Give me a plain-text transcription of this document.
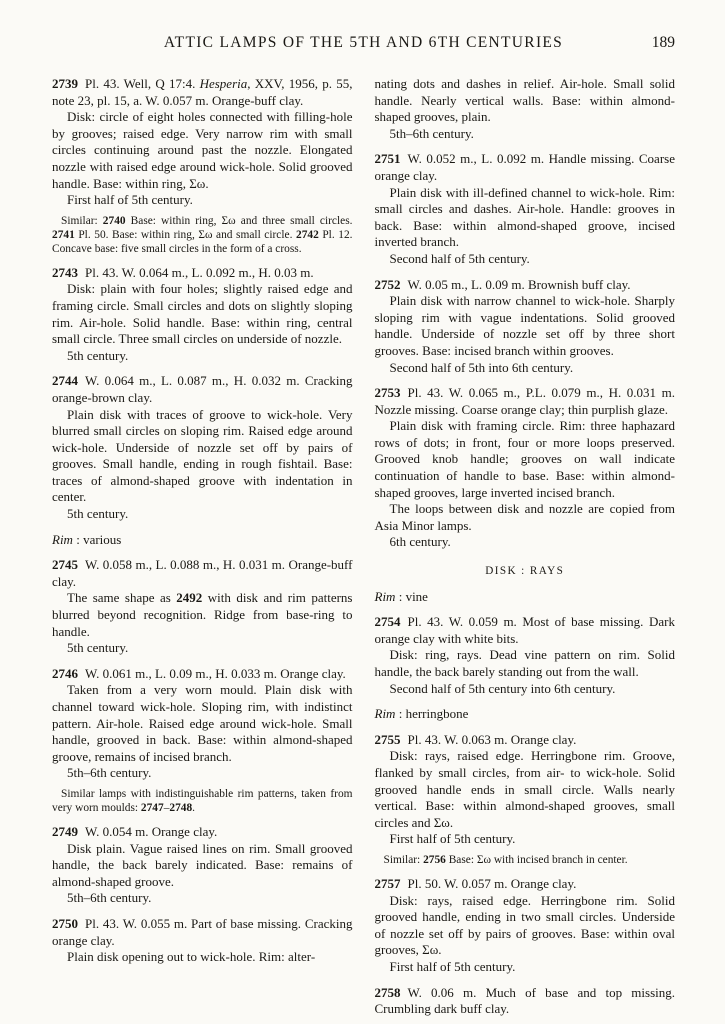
ATTIC LAMPS OF THE 5TH AND 6TH CENTURIES	189

2739 Pl. 43. Well, Q 17:4. Hesperia, XXV, 1956, p. 55, note 23, pl. 15, a. W. 0.057 m. Orange-buff clay.

Disk: circle of eight holes connected with filling-hole by grooves; raised edge. Very narrow rim with small circles continuing around past the nozzle. Elongated nozzle with raised edge around wick-hole. Solid grooved handle. Base: within ring, Σω.

First half of 5th century.

Similar: 2740 Base: within ring, Σω and three small circles. 2741 Pl. 50. Base: within ring, Σω and small circle. 2742 Pl. 12. Concave base: five small circles in the form of a cross.

2743 Pl. 43. W. 0.064 m., L. 0.092 m., H. 0.03 m.

Disk: plain with four holes; slightly raised edge and framing circle. Small circles and dots on slightly sloping rim. Air-hole. Solid handle. Base: within ring, central small circle. Three small circles on underside of nozzle.

5th century.

2744 W. 0.064 m., L. 0.087 m., H. 0.032 m. Cracking orange-brown clay.

Plain disk with traces of groove to wick-hole. Very blurred small circles on sloping rim. Raised edge around wick-hole. Underside of nozzle set off by pairs of grooves. Small handle, ending in rough fishtail. Base: traces of almond-shaped groove with indentation in center.

5th century.

Rim : various

2745 W. 0.058 m., L. 0.088 m., H. 0.031 m. Orange-buff clay.

The same shape as 2492 with disk and rim patterns blurred beyond recognition. Ridge from base-ring to handle.

5th century.

2746 W. 0.061 m., L. 0.09 m., H. 0.033 m. Orange clay.

Taken from a very worn mould. Plain disk with channel toward wick-hole. Sloping rim, with indistinct pattern. Air-hole. Raised edge around wick-hole. Small handle, grooved in back. Base: within almond-shaped groove, remains of incised branch.

5th–6th century.

Similar lamps with indistinguishable rim patterns, taken from very worn moulds: 2747–2748.

2749 W. 0.054 m. Orange clay.

Disk plain. Vague raised lines on rim. Small grooved handle, the back barely indicated. Base: remains of almond-shaped groove.

5th–6th century.

2750 Pl. 43. W. 0.055 m. Part of base missing. Cracking orange clay.

Plain disk opening out to wick-hole. Rim: alter-

nating dots and dashes in relief. Air-hole. Small solid handle. Nearly vertical walls. Base: within almond-shaped grooves, plain.

5th–6th century.

2751 W. 0.052 m., L. 0.092 m. Handle missing. Coarse orange clay.

Plain disk with ill-defined channel to wick-hole. Rim: small circles and dashes. Air-hole. Handle: grooves in back. Base: within almond-shaped groove, incised inverted branch.

Second half of 5th century.

2752 W. 0.05 m., L. 0.09 m. Brownish buff clay.

Plain disk with narrow channel to wick-hole. Sharply sloping rim with vague indentations. Solid grooved handle. Underside of nozzle set off by three short grooves. Base: incised branch within grooves.

Second half of 5th into 6th century.

2753 Pl. 43. W. 0.065 m., P.L. 0.079 m., H. 0.031 m. Nozzle missing. Coarse orange clay; thin purplish glaze.

Plain disk with framing circle. Rim: three haphazard rows of dots; in front, four or more loops preserved. Grooved knob handle; grooves on wall indicate continuation of handle to base. Base: within almond-shaped grooves, large inverted incised branch.

The loops between disk and nozzle are copied from Asia Minor lamps.

6th century.

DISK : RAYS

Rim : vine

2754 Pl. 43. W. 0.059 m. Most of base missing. Dark orange clay with white bits.

Disk: ring, rays. Dead vine pattern on rim. Solid handle, the back barely standing out from the wall.

Second half of 5th century into 6th century.

Rim : herringbone

2755 Pl. 43. W. 0.063 m. Orange clay.

Disk: rays, raised edge. Herringbone rim. Groove, flanked by small circles, from air- to wick-hole. Solid grooved handle ends in small circle. Walls nearly vertical. Base: within almond-shaped grooves, small circles and Σω.

First half of 5th century.

Similar: 2756 Base: Σω with incised branch in center.

2757 Pl. 50. W. 0.057 m. Orange clay.

Disk: rays, raised edge. Herringbone rim. Solid grooved handle, ending in two small circles. Underside of nozzle set off by pairs of grooves. Base: within oval grooves, Σω.

First half of 5th century.

2758 W. 0.06 m. Much of base and top missing. Crumbling dark buff clay.
